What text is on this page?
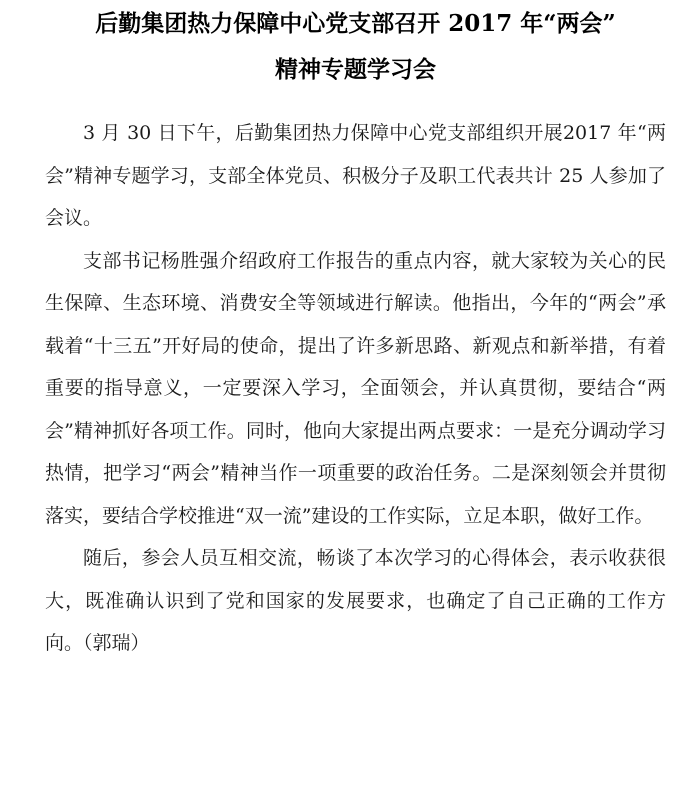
后勤集团热力保障中心党支部召开 2017 年“两会”
精神专题学习会

3 月 30 日下午，后勤集团热力保障中心党支部组织开展2017 年“两会”精神专题学习，支部全体党员、积极分子及职工代表共计 25 人参加了会议。

支部书记杨胜强介绍政府工作报告的重点内容，就大家较为关心的民生保障、生态环境、消费安全等领域进行解读。他指出，今年的“两会”承载着“十三五”开好局的使命，提出了许多新思路、新观点和新举措，有着重要的指导意义，一定要深入学习，全面领会，并认真贯彻，要结合“两会”精神抓好各项工作。同时，他向大家提出两点要求：一是充分调动学习热情，把学习“两会”精神当作一项重要的政治任务。二是深刻领会并贯彻落实，要结合学校推进“双一流”建设的工作实际，立足本职，做好工作。

随后，参会人员互相交流，畅谈了本次学习的心得体会，表示收获很大，既准确认识到了党和国家的发展要求，也确定了自己正确的工作方向。（郭瑞）
